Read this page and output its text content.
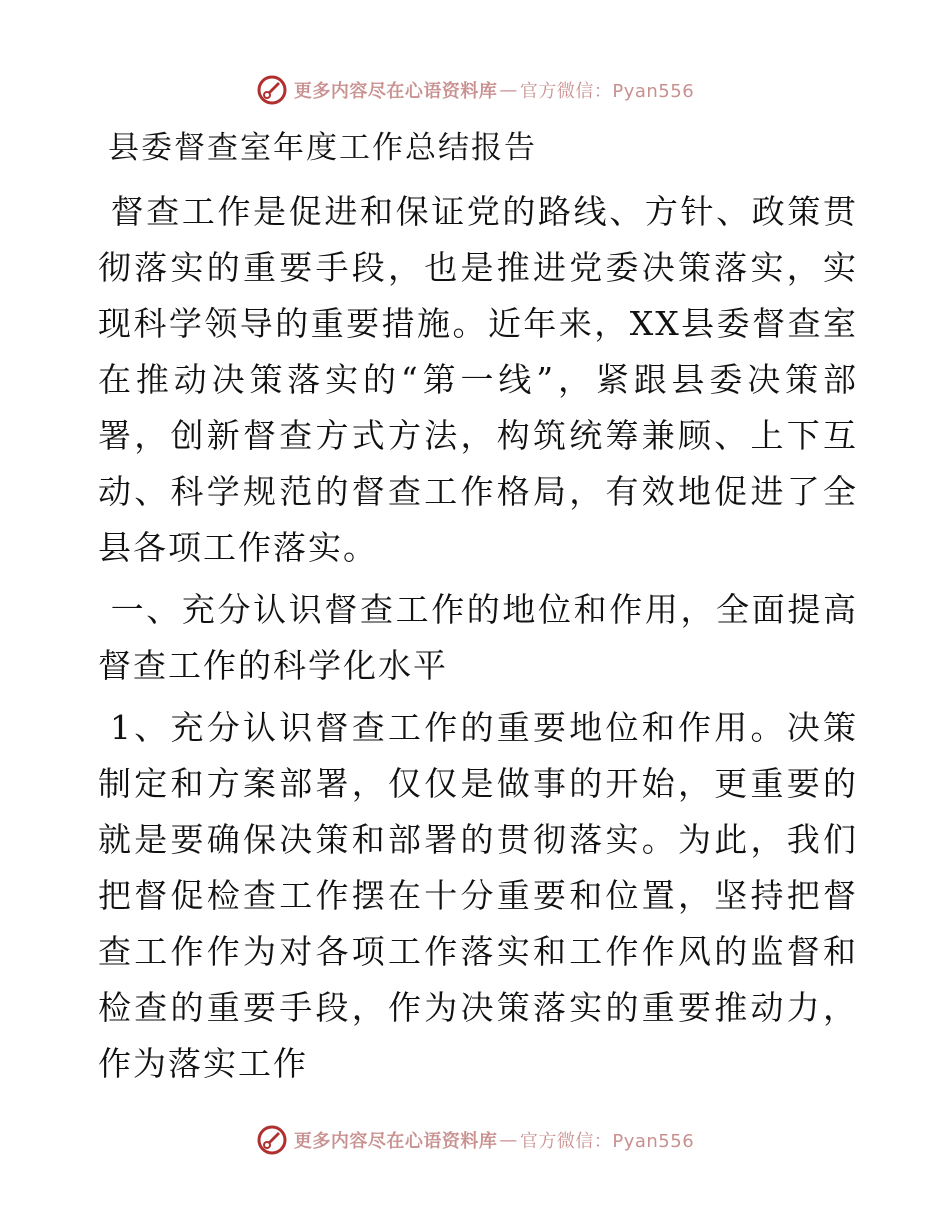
更多内容尽在心语资料库 — 官方微信：Pyan556
县委督查室年度工作总结报告

督查工作是促进和保证党的路线、方针、政策贯彻落实的重要手段，也是推进党委决策落实，实现科学领导的重要措施。近年来，XX县委督查室在推动决策落实的“第一线”，紧跟县委决策部署，创新督查方式方法，构筑统筹兼顾、上下互动、科学规范的督查工作格局，有效地促进了全县各项工作落实。

一、充分认识督查工作的地位和作用，全面提高督查工作的科学化水平

1、充分认识督查工作的重要地位和作用。决策制定和方案部署，仅仅是做事的开始，更重要的就是要确保决策和部署的贯彻落实。为此，我们把督促检查工作摆在十分重要和位置，坚持把督查工作作为对各项工作落实和工作作风的监督和检查的重要手段，作为决策落实的重要推动力，作为落实工作

更多内容尽在心语资料库 — 官方微信：Pyan556
